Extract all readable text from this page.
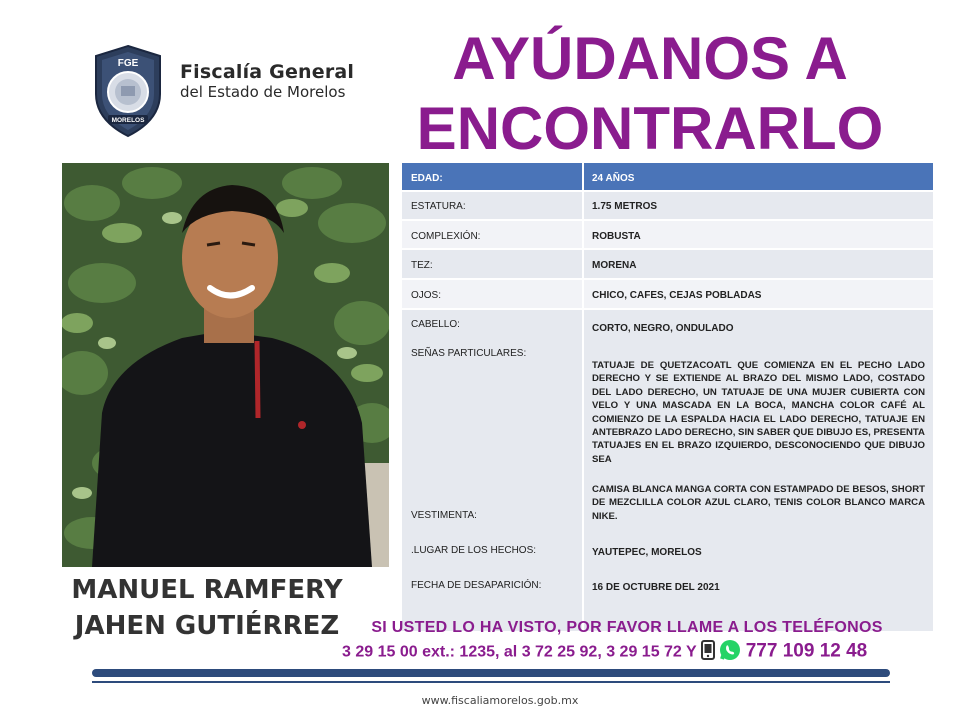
FGE
MORELOS
Fiscalía General
del Estado de Morelos	AYÚDANOS A
ENCONTRARLO
MANUEL RAMFERY
JAHEN GUTIÉRREZ
EDAD:	24 AÑOS
ESTATURA:	1.75 METROS
COMPLEXIÓN:	ROBUSTA
TEZ:	MORENA
OJOS:	CHICO, CAFES, CEJAS POBLADAS
CABELLO:	CORTO, NEGRO, ONDULADO
SEÑAS PARTICULARES:
TATUAJE DE QUETZACOATL QUE COMIENZA EN EL PECHO LADO DERECHO Y SE EXTIENDE AL BRAZO DEL MISMO LADO, COSTADO DEL LADO DERECHO, UN TATUAJE DE UNA MUJER CUBIERTA CON VELO Y UNA MASCADA EN LA BOCA, MANCHA COLOR CAFÉ AL COMIENZO DE LA ESPALDA HACIA EL LADO DERECHO, TATUAJE EN ANTEBRAZO LADO DERECHO, SIN SABER QUE DIBUJO ES, PRESENTA TATUAJES EN EL BRAZO IZQUIERDO, DESCONOCIENDO QUE DIBUJO SEA
VESTIMENTA:
CAMISA BLANCA MANGA CORTA CON ESTAMPADO DE BESOS, SHORT DE MEZCLILLA COLOR AZUL CLARO, TENIS COLOR BLANCO MARCA NIKE.
.LUGAR DE LOS HECHOS:	YAUTEPEC, MORELOS
FECHA DE DESAPARICIÓN:	16 DE OCTUBRE DEL 2021
SI USTED LO HA VISTO, POR FAVOR LLAME A LOS TELÉFONOS
3 29 15 00 ext.: 1235, al 3 72 25 92, 3 29 15 72 Y	777 109 12 48
www.fiscaliamorelos.gob.mx
